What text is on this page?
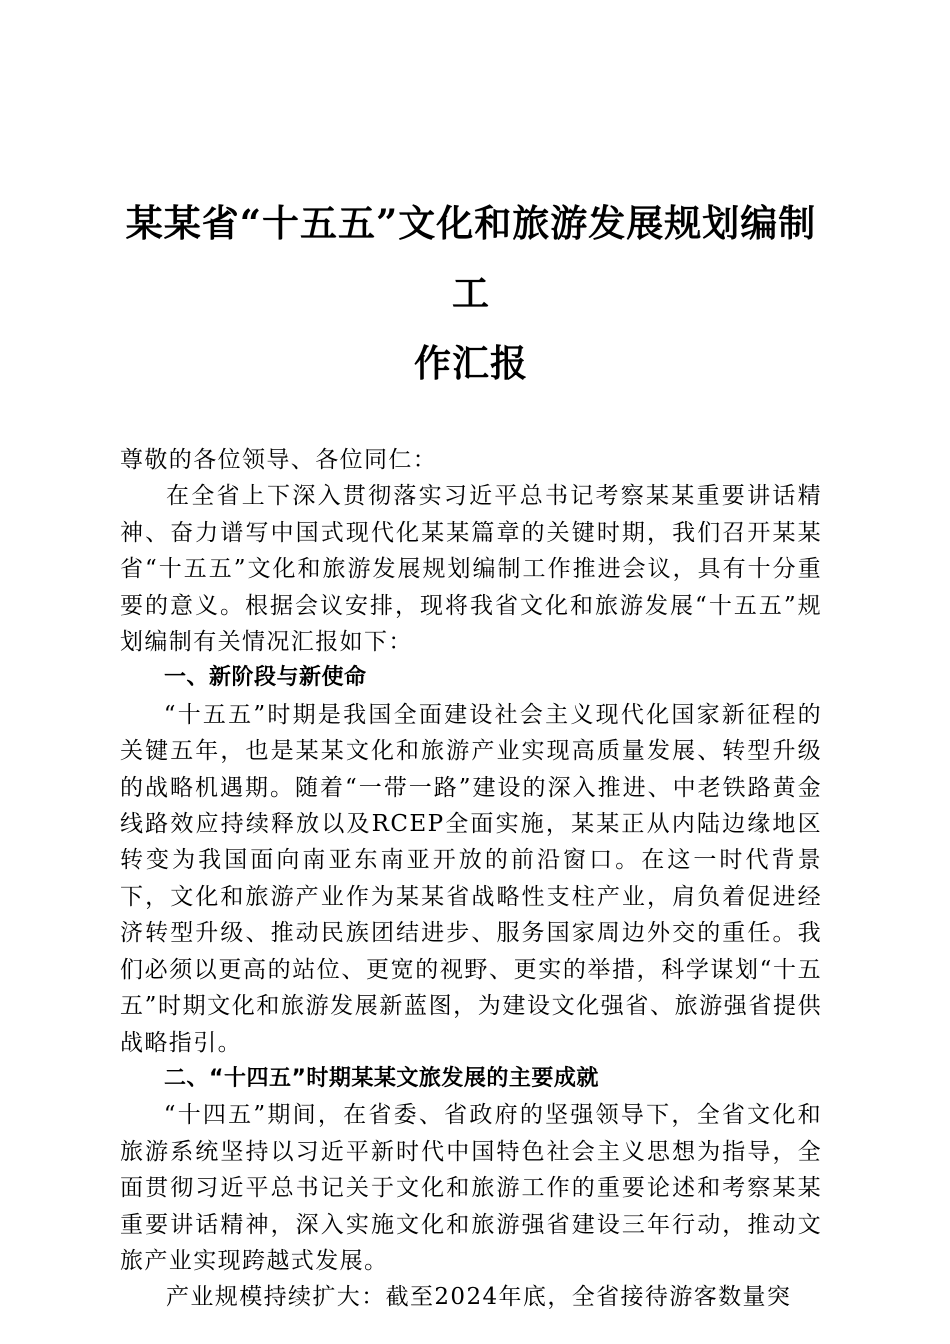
某某省“十五五”文化和旅游发展规划编制工
作汇报

尊敬的各位领导、各位同仁：

在全省上下深入贯彻落实习近平总书记考察某某重要讲话精神、奋力谱写中国式现代化某某篇章的关键时期，我们召开某某省“十五五”文化和旅游发展规划编制工作推进会议，具有十分重要的意义。根据会议安排，现将我省文化和旅游发展“十五五”规划编制有关情况汇报如下：

一、新阶段与新使命

“十五五”时期是我国全面建设社会主义现代化国家新征程的关键五年，也是某某文化和旅游产业实现高质量发展、转型升级的战略机遇期。随着“一带一路”建设的深入推进、中老铁路黄金线路效应持续释放以及RCEP全面实施，某某正从内陆边缘地区转变为我国面向南亚东南亚开放的前沿窗口。在这一时代背景下，文化和旅游产业作为某某省战略性支柱产业，肩负着促进经济转型升级、推动民族团结进步、服务国家周边外交的重任。我们必须以更高的站位、更宽的视野、更实的举措，科学谋划“十五五”时期文化和旅游发展新蓝图，为建设文化强省、旅游强省提供战略指引。

二、“十四五”时期某某文旅发展的主要成就

“十四五”期间，在省委、省政府的坚强领导下，全省文化和旅游系统坚持以习近平新时代中国特色社会主义思想为指导，全面贯彻习近平总书记关于文化和旅游工作的重要论述和考察某某重要讲话精神，深入实施文化和旅游强省建设三年行动，推动文旅产业实现跨越式发展。

产业规模持续扩大：截至2024年底，全省接待游客数量突
